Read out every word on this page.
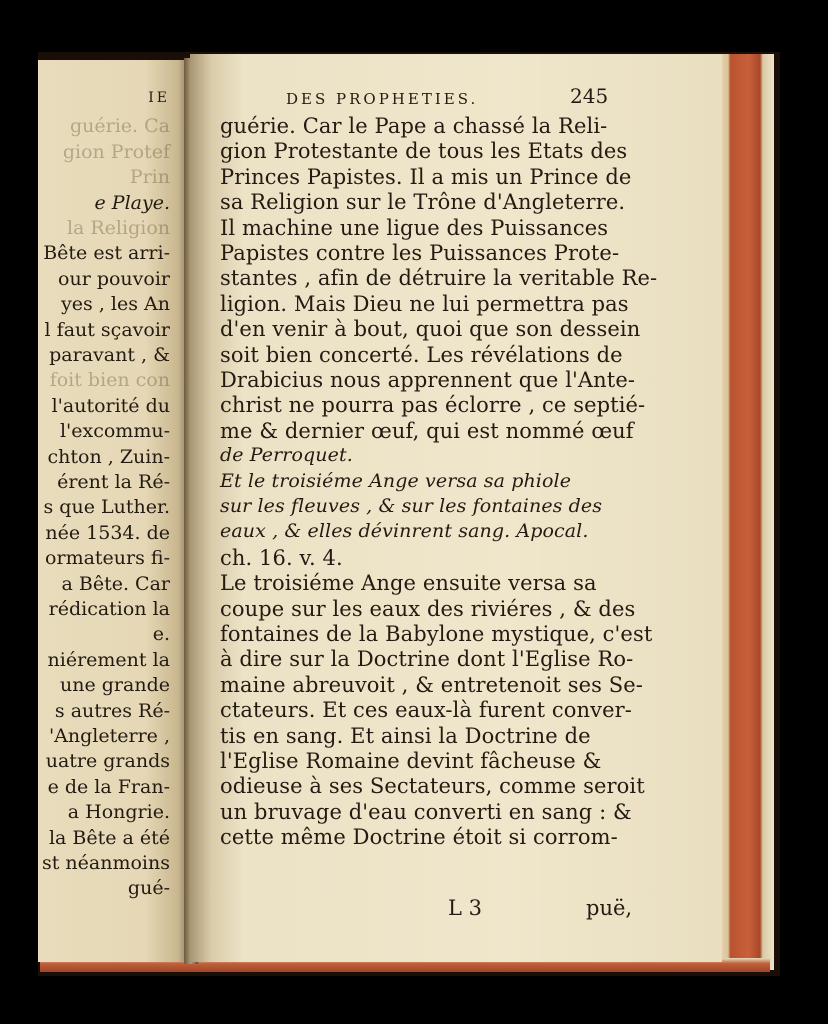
IE
guérie. Ca
gion Protef
Prin
e Playe.
la Religion
Bête est arri-
our pouvoir
yes , les An
l faut sçavoir
paravant , &
foit bien con
l'autorité du
l'excommu-
chton , Zuin-
érent la Ré-
s que Luther.
née 1534. de
ormateurs fi-
a Bête. Car
rédication la
e.
niérement la
une grande
s autres Ré-
'Angleterre ,
uatre grands
e de la Fran-
a Hongrie.
la Bête a été
st néanmoins
gué-
DES PROPHETIES.	245
L 3	puë,
guérie. Car le Pape a chassé la Reli-
gion Protestante de tous les Etats des
Princes Papistes. Il a mis un Prince de
sa Religion sur le Trône d'Angleterre.
Il machine une ligue des Puissances
Papistes contre les Puissances Prote-
stantes , afin de détruire la veritable Re-
ligion. Mais Dieu ne lui permettra pas
d'en venir à bout, quoi que son dessein
soit bien concerté. Les révélations de
Drabicius nous apprennent que l'Ante-
christ ne pourra pas éclorre , ce septié-
me & dernier œuf, qui est nommé œuf
de Perroquet.
Et le troisiéme Ange versa sa phiole
sur les fleuves , & sur les fontaines des
eaux , & elles dévinrent sang. Apocal.
ch. 16. v. 4.
Le troisiéme Ange ensuite versa sa
coupe sur les eaux des riviéres , & des
fontaines de la Babylone mystique, c'est
à dire sur la Doctrine dont l'Eglise Ro-
maine abreuvoit , & entretenoit ses Se-
ctateurs. Et ces eaux-là furent conver-
tis en sang. Et ainsi la Doctrine de
l'Eglise Romaine devint fâcheuse &
odieuse à ses Sectateurs, comme seroit
un bruvage d'eau converti en sang : &
cette même Doctrine étoit si corrom-
